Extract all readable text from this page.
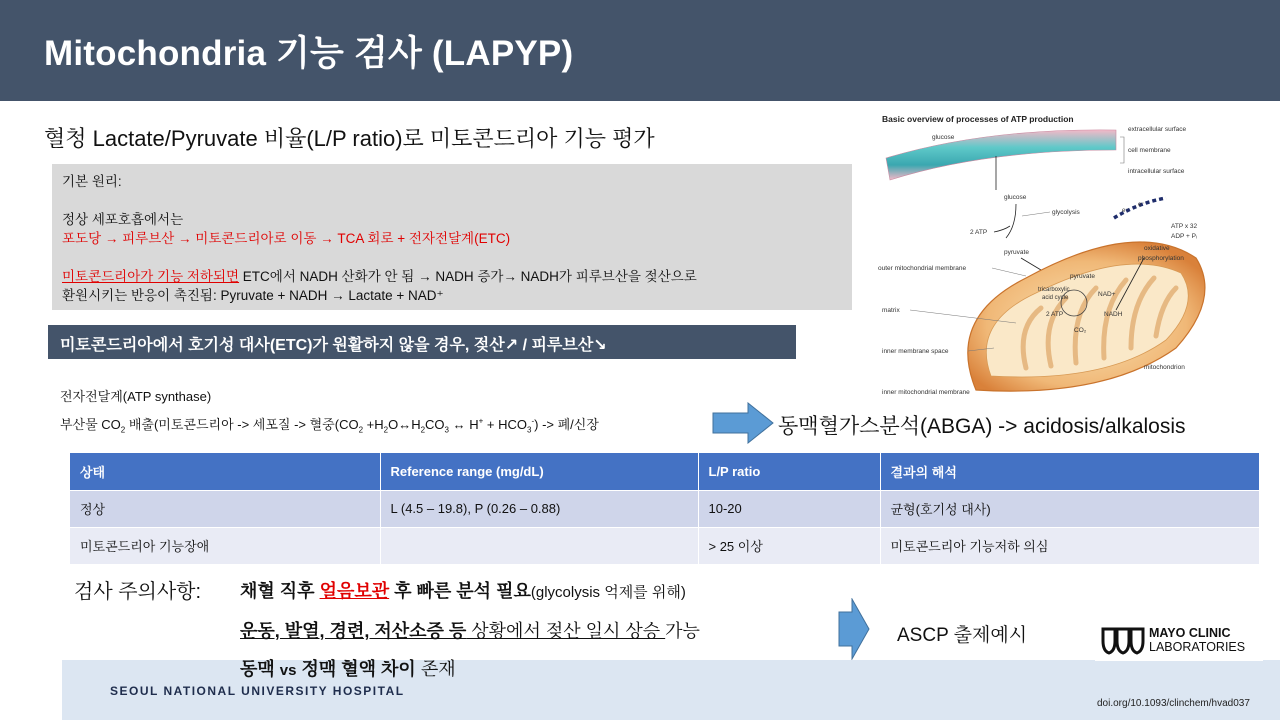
Mitochondria 기능 검사 (LAPYP)
혈청 Lactate/Pyruvate 비율(L/P ratio)로 미토콘드리아 기능 평가

기본 원리:

정상 세포호흡에서는

포도당 → 피루브산 → 미토콘드리아로 이동 → TCA 회로 + 전자전달계(ETC)

미토콘드리아가 기능 저하되면 ETC에서 NADH 산화가 안 됨 → NADH 증가→ NADH가 피루브산을 젖산으로

환원시키는 반응이 촉진됨: Pyruvate + NADH → Lactate + NAD⁺

미토콘드리아에서 호기성 대사(ETC)가 원활하지 않을 경우, 젖산↗ / 피루브산↘
전자전달계(ATP synthase)
부산물 $CO_2$ 배출(미토콘드리아 -> 세포질 -> 혈중($CO_2$ $+H_2O\leftrightarrow H_2CO_3$ ↔ $H^+ + HCO_3^-$) -> 폐/신장	동맥혈가스분석(ABGA) -> acidosis/alkalosis
Basic overview of processes of ATP production
glucose
extracellular surface
cell membrane
intracellular surface
glucose
glycolysis
2 ATP
pyruvate
e⁻
e⁻
ATP x 32
ADP + Pᵢ
oxidative
phosphorylation
outer mitochondrial membrane
pyruvate
tricarboxylic
acid cycle	NAD+
NADH
2 ATP
CO₂
matrix
inner membrane space
inner mitochondrial membrane
mitochondrion
상태	Reference range (mg/dL)	L/P ratio	결과의 해석
정상	L (4.5 – 19.8), P (0.26 – 0.88)	10-20	균형(호기성 대사)
미토콘드리아 기능장애		> 25 이상	미토콘드리아 기능저하 의심
SEOUL NATIONAL UNIVERSITY HOSPITAL
검사 주의사항: 채혈 직후 얼음보관 후 빠른 분석 필요(glycolysis 억제를 위해)
운동, 발열, 경련, 저산소증 등 상황에서 젖산 일시 상승 가능
동맥 vs 정맥 혈액 차이 존재
ASCP 출제예시	MAYO CLINIC
LABORATORIES
doi.org/10.1093/clinchem/hvad037
